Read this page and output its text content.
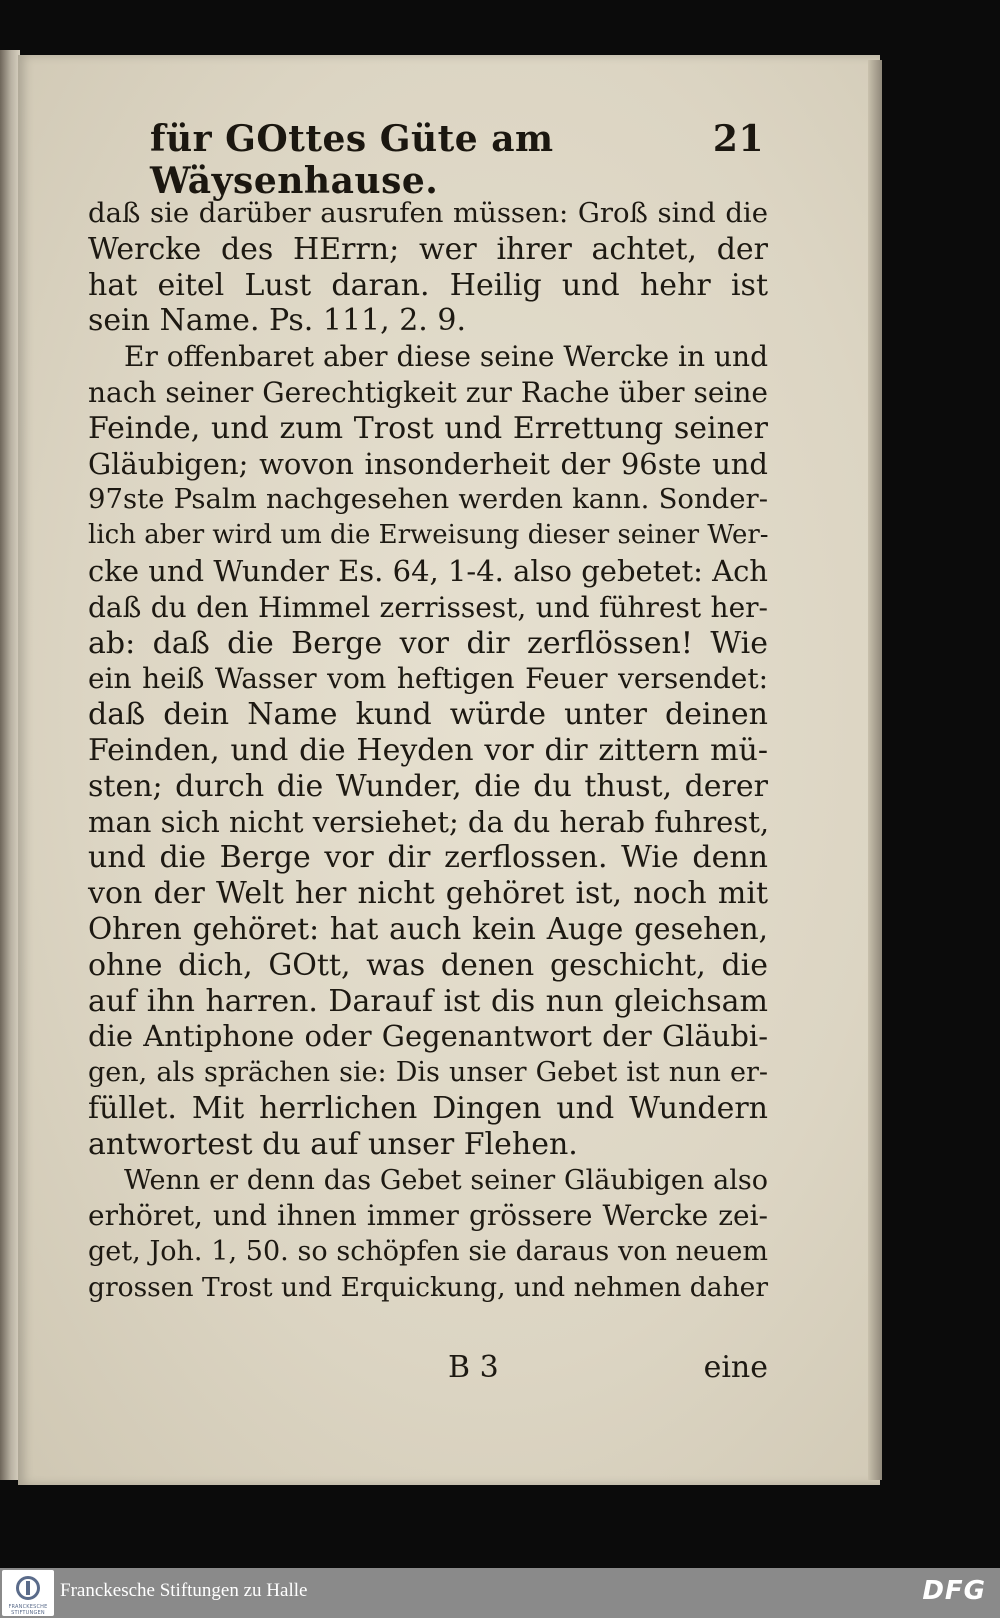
für GOttes Güte am Wäysenhause.
21
daß sie darüber ausrufen müssen: Groß sind die
Wercke des HErrn; wer ihrer achtet, der
hat eitel Lust daran. Heilig und hehr ist
sein Name. Ps. 111, 2. 9.
Er offenbaret aber diese seine Wercke in und
nach seiner Gerechtigkeit zur Rache über seine
Feinde, und zum Trost und Errettung seiner
Gläubigen; wovon insonderheit der 96ste und
97ste Psalm nachgesehen werden kann. Sonder-
lich aber wird um die Erweisung dieser seiner Wer-
cke und Wunder Es. 64, 1-4. also gebetet: Ach
daß du den Himmel zerrissest, und führest her-
ab: daß die Berge vor dir zerflössen! Wie
ein heiß Wasser vom heftigen Feuer versendet:
daß dein Name kund würde unter deinen
Feinden, und die Heyden vor dir zittern mü-
sten; durch die Wunder, die du thust, derer
man sich nicht versiehet; da du herab fuhrest,
und die Berge vor dir zerflossen. Wie denn
von der Welt her nicht gehöret ist, noch mit
Ohren gehöret: hat auch kein Auge gesehen,
ohne dich, GOtt, was denen geschicht, die
auf ihn harren. Darauf ist dis nun gleichsam
die Antiphone oder Gegenantwort der Gläubi-
gen, als sprächen sie: Dis unser Gebet ist nun er-
füllet. Mit herrlichen Dingen und Wundern
antwortest du auf unser Flehen.
Wenn er denn das Gebet seiner Gläubigen also
erhöret, und ihnen immer grössere Wercke zei-
get, Joh. 1, 50. so schöpfen sie daraus von neuem
grossen Trost und Erquickung, und nehmen daher
B 3	eine
FRANCKESCHE STIFTUNGEN
Franckesche Stiftungen zu Halle	DFG
